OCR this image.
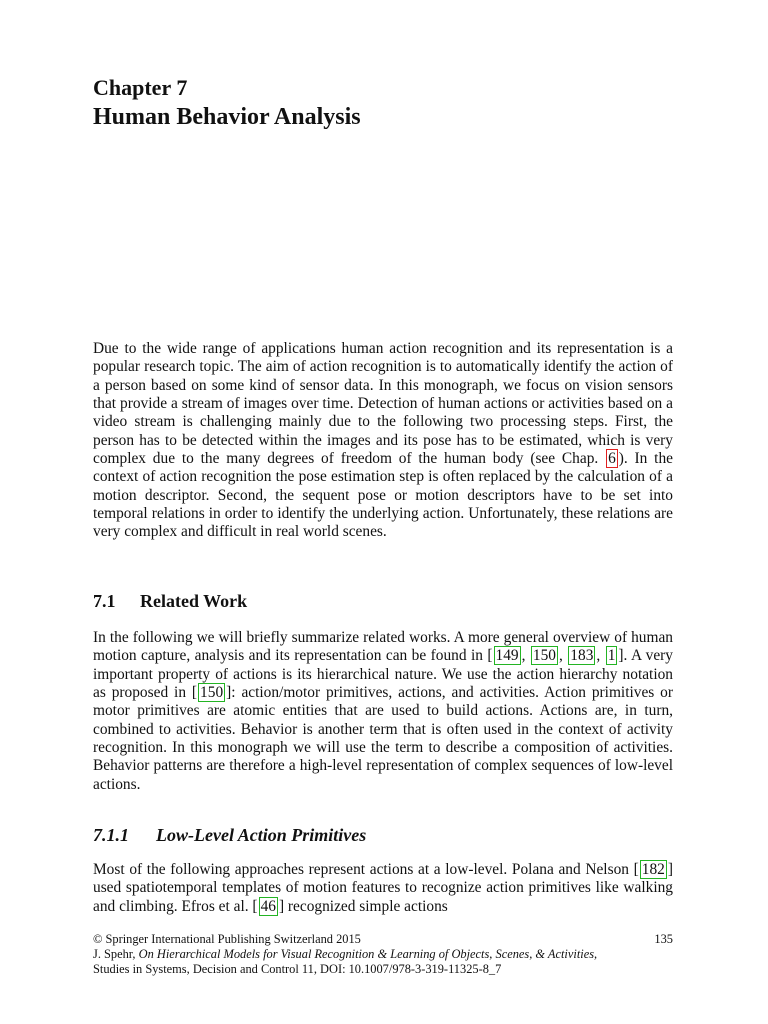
Chapter 7
Human Behavior Analysis

Due to the wide range of applications human action recognition and its representation is a popular research topic. The aim of action recognition is to automatically identify the action of a person based on some kind of sensor data. In this monograph, we focus on vision sensors that provide a stream of images over time. Detection of human actions or activities based on a video stream is challenging mainly due to the following two processing steps. First, the person has to be detected within the images and its pose has to be estimated, which is very complex due to the many degrees of freedom of the human body (see Chap. 6 ). In the context of action recognition the pose estimation step is often replaced by the calculation of a motion descriptor. Second, the sequent pose or motion descriptors have to be set into temporal relations in order to identify the underlying action. Unfortunately, these relations are very complex and difficult in real world scenes.

7.1 Related Work

In the following we will briefly summarize related works. A more general overview of human motion capture, analysis and its representation can be found in [ 149 , 150 , 183 , 1 ]. A very important property of actions is its hierarchical nature. We use the action hierarchy notation as proposed in [ 150 ]: action/motor primitives, actions, and activities. Action primitives or motor primitives are atomic entities that are used to build actions. Actions are, in turn, combined to activities. Behavior is another term that is often used in the context of activity recognition. In this monograph we will use the term to describe a composition of activities. Behavior patterns are therefore a high-level representation of complex sequences of low-level actions.

7.1.1 Low-Level Action Primitives

Most of the following approaches represent actions at a low-level. Polana and Nelson [ 182 ] used spatiotemporal templates of motion features to recognize action primitives like walking and climbing. Efros et al. [ 46 ] recognized simple actions

© Springer International Publishing Switzerland 2015	135
J. Spehr, On Hierarchical Models for Visual Recognition & Learning of Objects, Scenes, & Activities,
Studies in Systems, Decision and Control 11, DOI: 10.1007/978-3-319-11325-8_7
